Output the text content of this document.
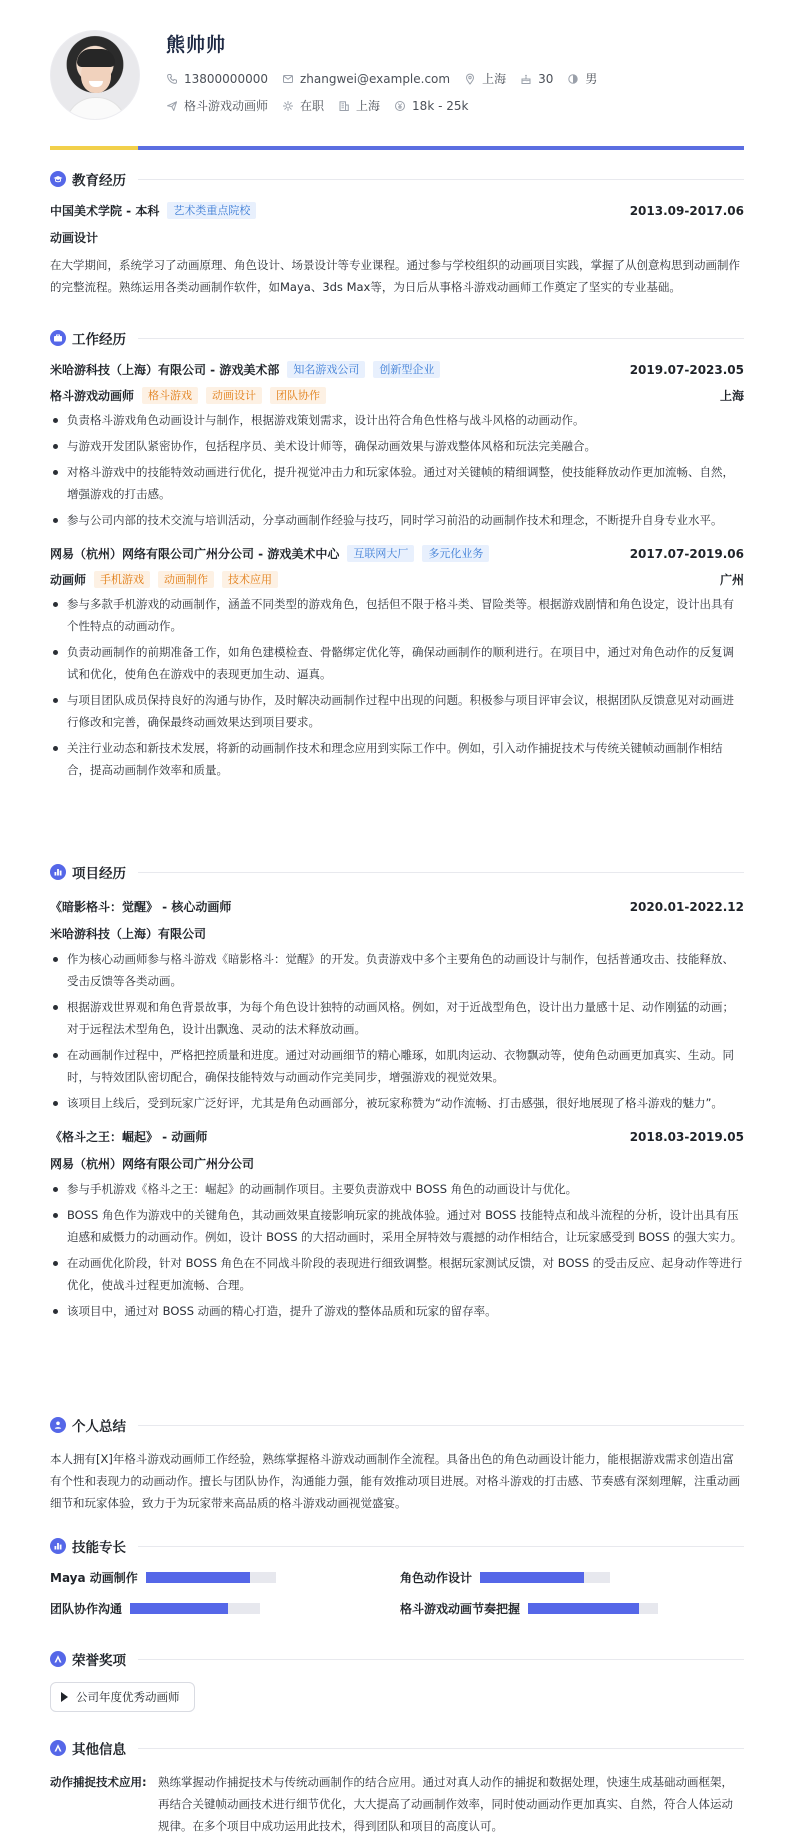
熊帅帅
13800000000	zhangwei@example.com	上海	30	男
格斗游戏动画师	在职	上海	18k - 25k
教育经历
中国美术学院 - 本科	艺术类重点院校	2013.09-2017.06
动画设计
在大学期间，系统学习了动画原理、角色设计、场景设计等专业课程。通过参与学校组织的动画项目实践，掌握了从创意构思到动画制作的完整流程。熟练运用各类动画制作软件，如Maya、3ds Max等，为日后从事格斗游戏动画师工作奠定了坚实的专业基础。
工作经历
米哈游科技（上海）有限公司 - 游戏美术部	知名游戏公司	创新型企业	2019.07-2023.05
格斗游戏动画师	格斗游戏	动画设计	团队协作	上海
负责格斗游戏角色动画设计与制作，根据游戏策划需求，设计出符合角色性格与战斗风格的动画动作。
与游戏开发团队紧密协作，包括程序员、美术设计师等，确保动画效果与游戏整体风格和玩法完美融合。
对格斗游戏中的技能特效动画进行优化，提升视觉冲击力和玩家体验。通过对关键帧的精细调整，使技能释放动作更加流畅、自然，增强游戏的打击感。
参与公司内部的技术交流与培训活动，分享动画制作经验与技巧，同时学习前沿的动画制作技术和理念，不断提升自身专业水平。
网易（杭州）网络有限公司广州分公司 - 游戏美术中心	互联网大厂	多元化业务	2017.07-2019.06
动画师	手机游戏	动画制作	技术应用	广州
参与多款手机游戏的动画制作，涵盖不同类型的游戏角色，包括但不限于格斗类、冒险类等。根据游戏剧情和角色设定，设计出具有个性特点的动画动作。
负责动画制作的前期准备工作，如角色建模检查、骨骼绑定优化等，确保动画制作的顺利进行。在项目中，通过对角色动作的反复调试和优化，使角色在游戏中的表现更加生动、逼真。
与项目团队成员保持良好的沟通与协作，及时解决动画制作过程中出现的问题。积极参与项目评审会议，根据团队反馈意见对动画进行修改和完善，确保最终动画效果达到项目要求。
关注行业动态和新技术发展，将新的动画制作技术和理念应用到实际工作中。例如，引入动作捕捉技术与传统关键帧动画制作相结合，提高动画制作效率和质量。
项目经历
《暗影格斗：觉醒》 - 核心动画师	2020.01-2022.12
米哈游科技（上海）有限公司
作为核心动画师参与格斗游戏《暗影格斗：觉醒》的开发。负责游戏中多个主要角色的动画设计与制作，包括普通攻击、技能释放、受击反馈等各类动画。
根据游戏世界观和角色背景故事，为每个角色设计独特的动画风格。例如，对于近战型角色，设计出力量感十足、动作刚猛的动画；对于远程法术型角色，设计出飘逸、灵动的法术释放动画。
在动画制作过程中，严格把控质量和进度。通过对动画细节的精心雕琢，如肌肉运动、衣物飘动等，使角色动画更加真实、生动。同时，与特效团队密切配合，确保技能特效与动画动作完美同步，增强游戏的视觉效果。
该项目上线后，受到玩家广泛好评，尤其是角色动画部分，被玩家称赞为“动作流畅、打击感强，很好地展现了格斗游戏的魅力”。
《格斗之王：崛起》 - 动画师	2018.03-2019.05
网易（杭州）网络有限公司广州分公司
参与手机游戏《格斗之王：崛起》的动画制作项目。主要负责游戏中 BOSS 角色的动画设计与优化。
BOSS 角色作为游戏中的关键角色，其动画效果直接影响玩家的挑战体验。通过对 BOSS 技能特点和战斗流程的分析，设计出具有压迫感和威慑力的动画动作。例如，设计 BOSS 的大招动画时，采用全屏特效与震撼的动作相结合，让玩家感受到 BOSS 的强大实力。
在动画优化阶段，针对 BOSS 角色在不同战斗阶段的表现进行细致调整。根据玩家测试反馈，对 BOSS 的受击反应、起身动作等进行优化，使战斗过程更加流畅、合理。
该项目中，通过对 BOSS 动画的精心打造，提升了游戏的整体品质和玩家的留存率。
个人总结
本人拥有[X]年格斗游戏动画师工作经验，熟练掌握格斗游戏动画制作全流程。具备出色的角色动画设计能力，能根据游戏需求创造出富有个性和表现力的动画动作。擅长与团队协作，沟通能力强，能有效推动项目进展。对格斗游戏的打击感、节奏感有深刻理解，注重动画细节和玩家体验，致力于为玩家带来高品质的格斗游戏动画视觉盛宴。
技能专长
Maya 动画制作	角色动作设计
团队协作沟通	格斗游戏动画节奏把握
荣誉奖项
公司年度优秀动画师
其他信息
动作捕捉技术应用: 熟练掌握动作捕捉技术与传统动画制作的结合应用。通过对真人动作的捕捉和数据处理，快速生成基础动画框架，再结合关键帧动画技术进行细节优化，大大提高了动画制作效率，同时使动画动作更加真实、自然，符合人体运动规律。在多个项目中成功运用此技术，得到团队和项目的高度认可。
